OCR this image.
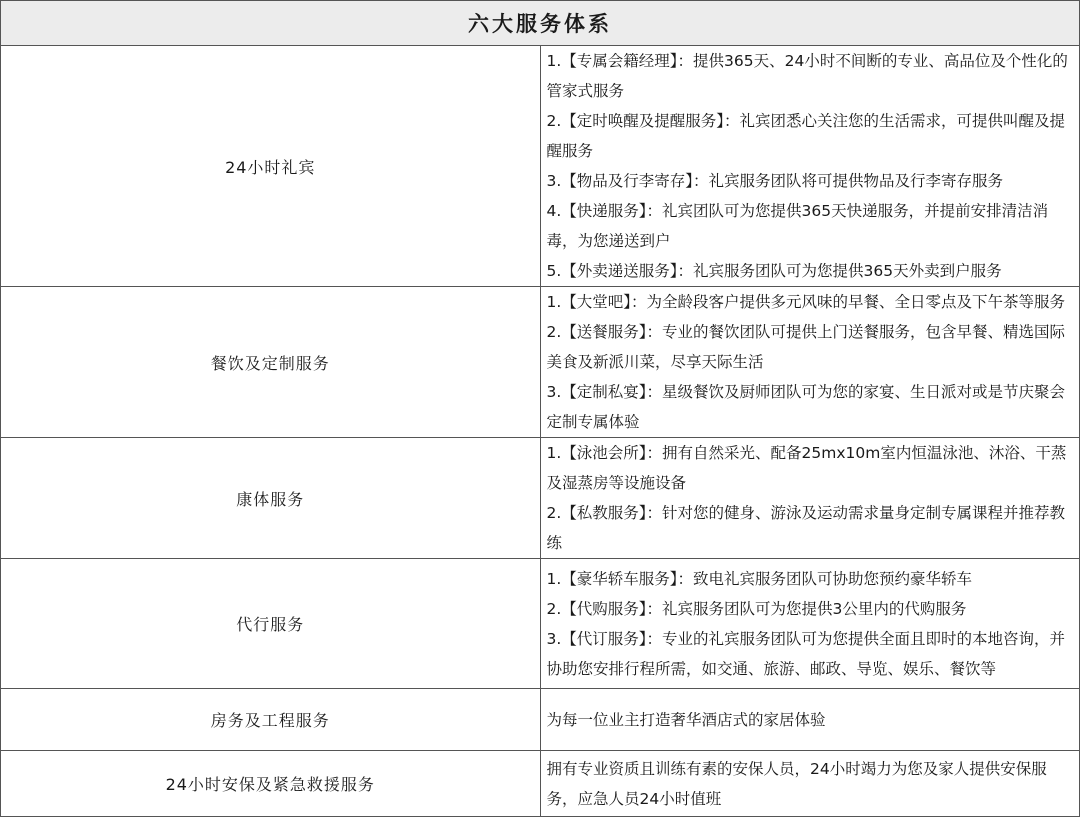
六大服务体系	
24小时礼宾	1.【专属会籍经理】：提供365天、24小时不间断的专业、高品位及个性化的管家式服务
2.【定时唤醒及提醒服务】：礼宾团悉心关注您的生活需求，可提供叫醒及提醒服务
3.【物品及行李寄存】：礼宾服务团队将可提供物品及行李寄存服务
4.【快递服务】：礼宾团队可为您提供365天快递服务，并提前安排清洁消毒，为您递送到户
5.【外卖递送服务】：礼宾服务团队可为您提供365天外卖到户服务

餐饮及定制服务	1.【大堂吧】：为全龄段客户提供多元风味的早餐、全日零点及下午茶等服务
2.【送餐服务】：专业的餐饮团队可提供上门送餐服务，包含早餐、精选国际美食及新派川菜，尽享天际生活
3.【定制私宴】：星级餐饮及厨师团队可为您的家宴、生日派对或是节庆聚会定制专属体验

康体服务	1.【泳池会所】：拥有自然采光、配备25mx10m室内恒温泳池、沐浴、干蒸及湿蒸房等设施设备
2.【私教服务】：针对您的健身、游泳及运动需求量身定制专属课程并推荐教练

代行服务	1.【豪华轿车服务】：致电礼宾服务团队可协助您预约豪华轿车
2.【代购服务】：礼宾服务团队可为您提供3公里内的代购服务
3.【代订服务】：专业的礼宾服务团队可为您提供全面且即时的本地咨询，并协助您安排行程所需，如交通、旅游、邮政、导览、娱乐、餐饮等

房务及工程服务	为每一位业主打造奢华酒店式的家居体验

24小时安保及紧急救援服务	拥有专业资质且训练有素的安保人员，24小时竭力为您及家人提供安保服务，应急人员24小时值班
